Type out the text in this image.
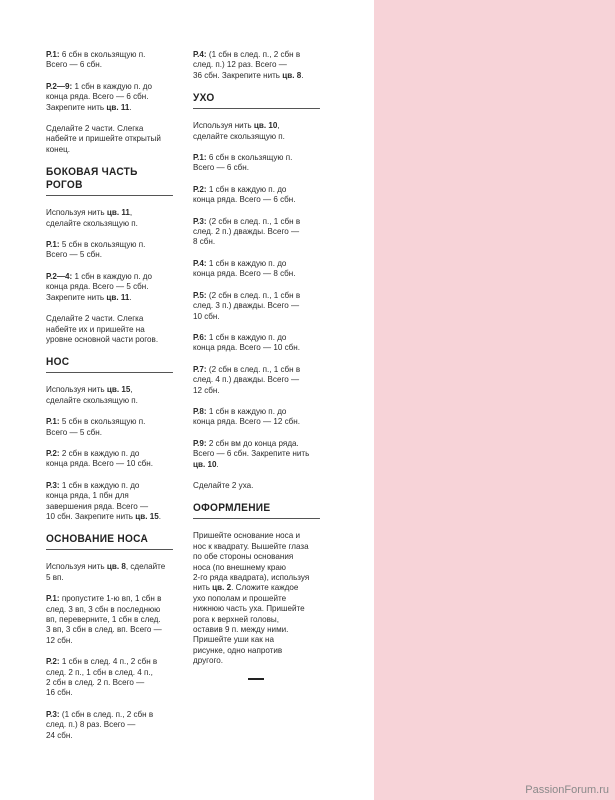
Р.1: 6 сбн в скользящую п.
Всего — 6 сбн.
Р.2—9: 1 сбн в каждую п. до
конца ряда. Всего — 6 сбн.
Закрепите нить цв. 11.
Сделайте 2 части. Слегка
набейте и пришейте открытый
конец.
БОКОВАЯ ЧАСТЬ РОГОВ
Используя нить цв. 11,
сделайте скользящую п.
Р.1: 5 сбн в скользящую п.
Всего — 5 сбн.
Р.2—4: 1 сбн в каждую п. до
конца ряда. Всего — 5 сбн.
Закрепите нить цв. 11.
Сделайте 2 части. Слегка
набейте их и пришейте на
уровне основной части рогов.
НОС
Используя нить цв. 15,
сделайте скользящую п.
Р.1: 5 сбн в скользящую п.
Всего — 5 сбн.
Р.2: 2 сбн в каждую п. до
конца ряда. Всего — 10 сбн.
Р.3: 1 сбн в каждую п. до
конца ряда, 1 пбн для
завершения ряда. Всего —
10 сбн. Закрепите нить цв. 15.
ОСНОВАНИЕ НОСА
Используя нить цв. 8, сделайте
5 вп.
Р.1: пропустите 1-ю вп, 1 сбн в
след. 3 вп, 3 сбн в последнюю
вп, переверните, 1 сбн в след.
3 вп, 3 сбн в след. вп. Всего —
12 сбн.
Р.2: 1 сбн в след. 4 п., 2 сбн в
след. 2 п., 1 сбн в след. 4 п.,
2 сбн в след. 2 п. Всего —
16 сбн.
Р.3: (1 сбн в след. п., 2 сбн в
след. п.) 8 раз. Всего —
24 сбн.
Р.4: (1 сбн в след. п., 2 сбн в
след. п.) 12 раз. Всего —
36 сбн. Закрепите нить цв. 8.
УХО
Используя нить цв. 10,
сделайте скользящую п.
Р.1: 6 сбн в скользящую п.
Всего — 6 сбн.
Р.2: 1 сбн в каждую п. до
конца ряда. Всего — 6 сбн.
Р.3: (2 сбн в след. п., 1 сбн в
след. 2 п.) дважды. Всего —
8 сбн.
Р.4: 1 сбн в каждую п. до
конца ряда. Всего — 8 сбн.
Р.5: (2 сбн в след. п., 1 сбн в
след. 3 п.) дважды. Всего —
10 сбн.
Р.6: 1 сбн в каждую п. до
конца ряда. Всего — 10 сбн.
Р.7: (2 сбн в след. п., 1 сбн в
след. 4 п.) дважды. Всего —
12 сбн.
Р.8: 1 сбн в каждую п. до
конца ряда. Всего — 12 сбн.
Р.9: 2 сбн вм до конца ряда.
Всего — 6 сбн. Закрепите нить
цв. 10.
Сделайте 2 уха.
ОФОРМЛЕНИЕ
Пришейте основание носа и
нос к квадрату. Вышейте глаза
по обе стороны основания
носа (по внешнему краю
2-го ряда квадрата), используя
нить цв. 2. Сложите каждое
ухо пополам и прошейте
нижнюю часть уха. Пришейте
рога к верхней головы,
оставив 9 п. между ними.
Пришейте уши как на
рисунке, одно напротив
другого.
PassionForum.ru
